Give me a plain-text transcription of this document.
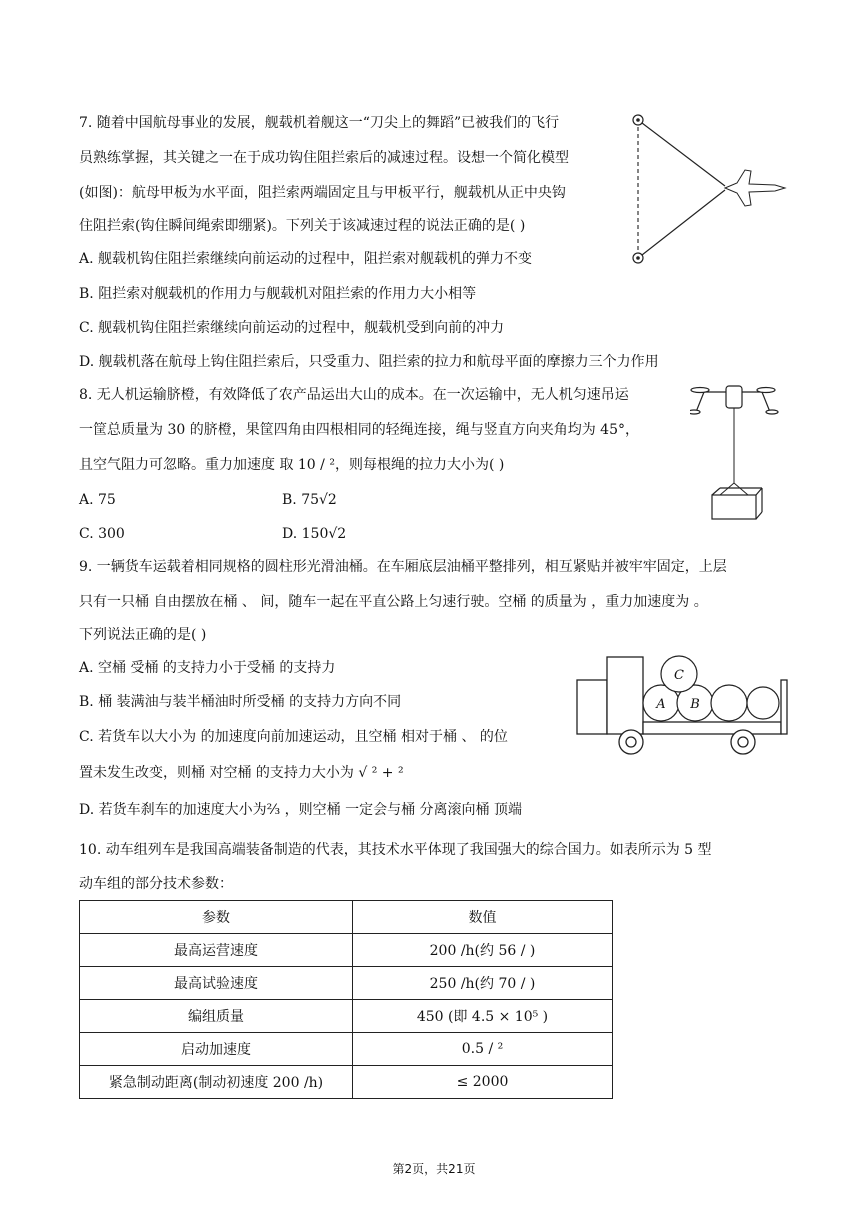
7. 随着中国航母事业的发展，舰载机着舰这一“刀尖上的舞蹈”已被我们的飞行
员熟练掌握，其关键之一在于成功钩住阻拦索后的减速过程。设想一个简化模型
(如图)：航母甲板为水平面，阻拦索两端固定且与甲板平行，舰载机从正中央钩
住阻拦索(钩住瞬间绳索即绷紧)。下列关于该减速过程的说法正确的是( )
A. 舰载机钩住阻拦索继续向前运动的过程中，阻拦索对舰载机的弹力不变
B. 阻拦索对舰载机的作用力与舰载机对阻拦索的作用力大小相等
C. 舰载机钩住阻拦索继续向前运动的过程中，舰载机受到向前的冲力
D. 舰载机落在航母上钩住阻拦索后，只受重力、阻拦索的拉力和航母平面的摩擦力三个力作用
8. 无人机运输脐橙，有效降低了农产品运出大山的成本。在一次运输中，无人机匀速吊运
一筐总质量为 30 的脐橙，果筐四角由四根相同的轻绳连接，绳与竖直方向夹角均为 45°，
且空气阻力可忽略。重力加速度 取 10 / ²，则每根绳的拉力大小为( )
A. 75	B. 75√2
C. 300	D. 150√2
9. 一辆货车运载着相同规格的圆柱形光滑油桶。在车厢底层油桶平整排列，相互紧贴并被牢牢固定，上层
只有一只桶 自由摆放在桶 、 间，随车一起在平直公路上匀速行驶。空桶 的质量为 ，重力加速度为 。
下列说法正确的是( )
A. 空桶 受桶 的支持力小于受桶 的支持力
B. 桶 装满油与装半桶油时所受桶 的支持力方向不同
C. 若货车以大小为 的加速度向前加速运动，且空桶 相对于桶 、 的位
置未发生改变，则桶 对空桶 的支持力大小为 √ ² + ²
D. 若货车刹车的加速度大小为⅔ ，则空桶 一定会与桶 分离滚向桶 顶端
C
A B
10. 动车组列车是我国高端装备制造的代表，其技术水平体现了我国强大的综合国力。如表所示为 5 型
动车组的部分技术参数：
参数	数值
最高运营速度	200 /h(约 56 / )
最高试验速度	250 /h(约 70 / )
编组质量	450 (即 4.5 × 10⁵ )
启动加速度	0.5 / ²
紧急制动距离(制动初速度 200 /h)	≤ 2000
第2页，共21页
